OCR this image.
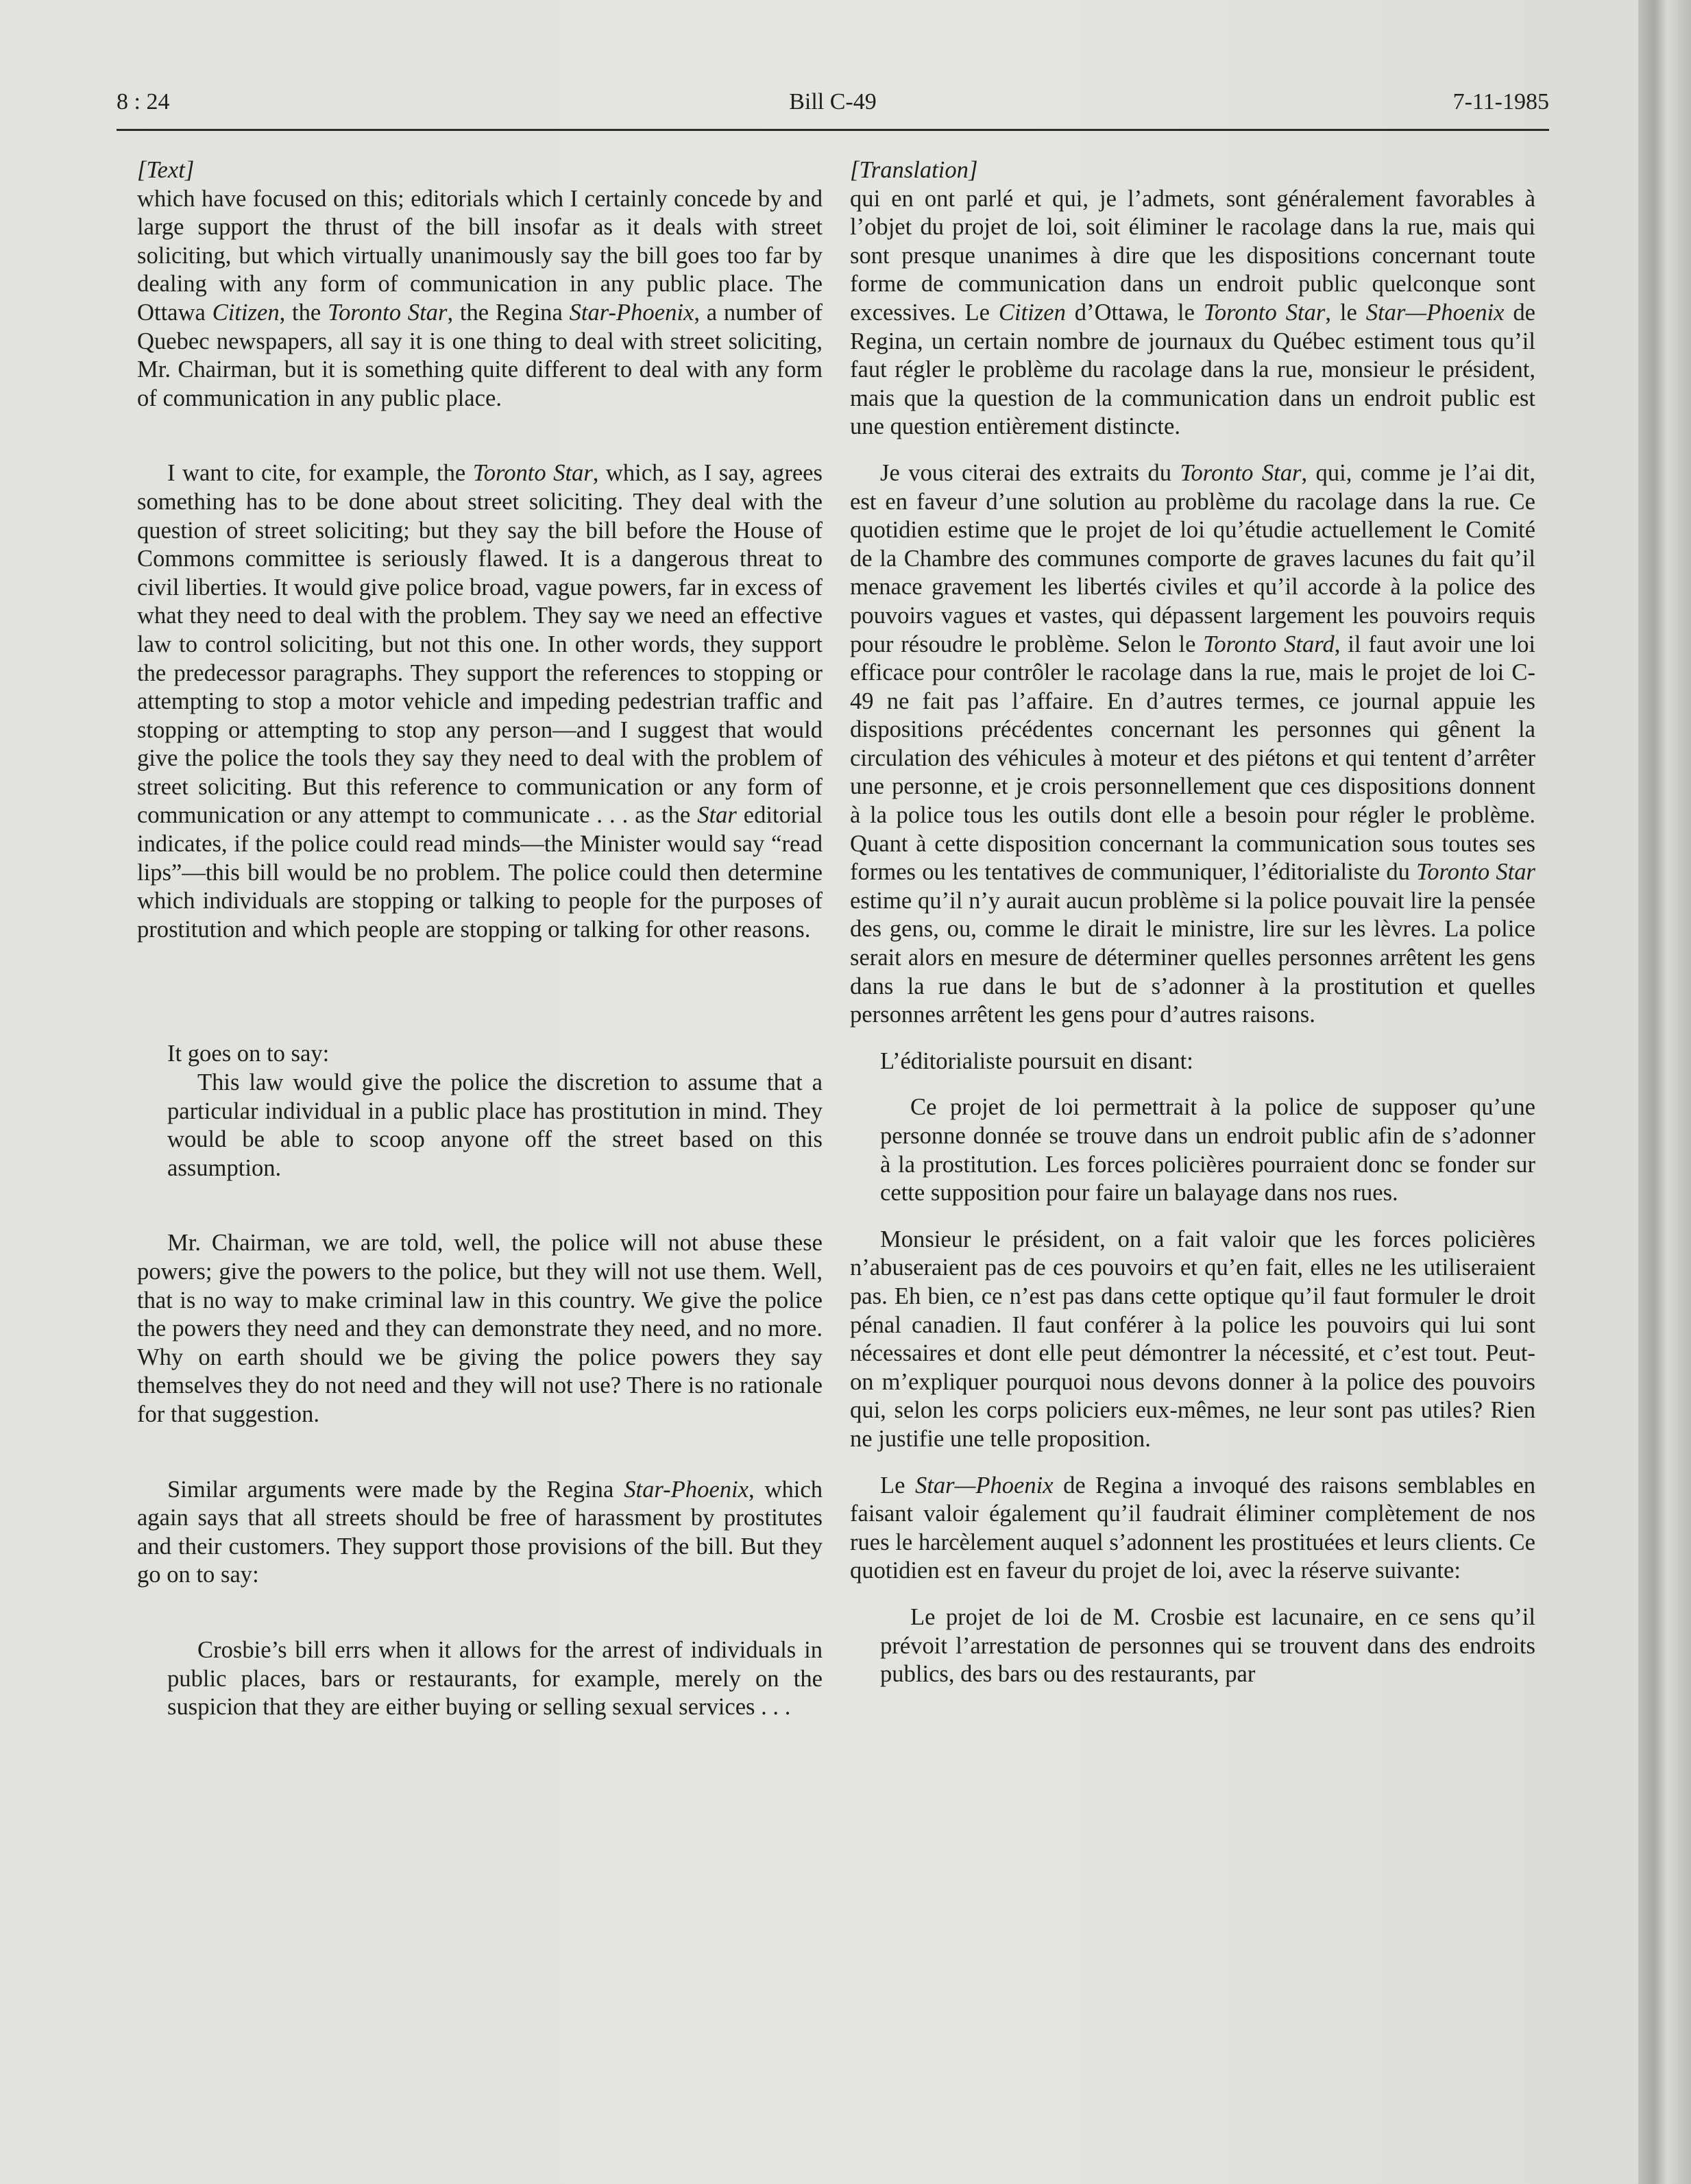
8 : 24	Bill C-49	7-11-1985

[Text]

which have focused on this; editorials which I certainly concede by and large support the thrust of the bill insofar as it deals with street soliciting, but which virtually unanimously say the bill goes too far by dealing with any form of communication in any public place. The Ottawa Citizen, the Toronto Star, the Regina Star-Phoenix, a number of Quebec newspapers, all say it is one thing to deal with street soliciting, Mr. Chairman, but it is something quite different to deal with any form of communication in any public place.

I want to cite, for example, the Toronto Star, which, as I say, agrees something has to be done about street soliciting. They deal with the question of street soliciting; but they say the bill before the House of Commons committee is seriously flawed. It is a dangerous threat to civil liberties. It would give police broad, vague powers, far in excess of what they need to deal with the problem. They say we need an effective law to control soliciting, but not this one. In other words, they support the predecessor paragraphs. They support the references to stopping or attempting to stop a motor vehicle and impeding pedestrian traffic and stopping or attempting to stop any person—and I suggest that would give the police the tools they say they need to deal with the problem of street soliciting. But this reference to communication or any form of communication or any attempt to communicate . . . as the Star editorial indicates, if the police could read minds—the Minister would say “read lips”—this bill would be no problem. The police could then determine which individuals are stopping or talking to people for the purposes of prostitution and which people are stopping or talking for other reasons.

It goes on to say:

This law would give the police the discretion to assume that a particular individual in a public place has prostitution in mind. They would be able to scoop anyone off the street based on this assumption.

Mr. Chairman, we are told, well, the police will not abuse these powers; give the powers to the police, but they will not use them. Well, that is no way to make criminal law in this country. We give the police the powers they need and they can demonstrate they need, and no more. Why on earth should we be giving the police powers they say themselves they do not need and they will not use? There is no rationale for that suggestion.

Similar arguments were made by the Regina Star-Phoenix, which again says that all streets should be free of harassment by prostitutes and their customers. They support those provisions of the bill. But they go on to say:

Crosbie’s bill errs when it allows for the arrest of individuals in public places, bars or restaurants, for example, merely on the suspicion that they are either buying or selling sexual services . . .

[Translation]

qui en ont parlé et qui, je l’admets, sont généralement favorables à l’objet du projet de loi, soit éliminer le racolage dans la rue, mais qui sont presque unanimes à dire que les dispositions concernant toute forme de communication dans un endroit public quelconque sont excessives. Le Citizen d’Ottawa, le Toronto Star, le Star—Phoenix de Regina, un certain nombre de journaux du Québec estiment tous qu’il faut régler le problème du racolage dans la rue, monsieur le président, mais que la question de la communication dans un endroit public est une question entièrement distincte.

Je vous citerai des extraits du Toronto Star, qui, comme je l’ai dit, est en faveur d’une solution au problème du racolage dans la rue. Ce quotidien estime que le projet de loi qu’étudie actuellement le Comité de la Chambre des communes comporte de graves lacunes du fait qu’il menace gravement les libertés civiles et qu’il accorde à la police des pouvoirs vagues et vastes, qui dépassent largement les pouvoirs requis pour résoudre le problème. Selon le Toronto Stard, il faut avoir une loi efficace pour contrôler le racolage dans la rue, mais le projet de loi C-49 ne fait pas l’affaire. En d’autres termes, ce journal appuie les dispositions précédentes concernant les personnes qui gênent la circulation des véhicules à moteur et des piétons et qui tentent d’arrêter une personne, et je crois personnellement que ces dispositions donnent à la police tous les outils dont elle a besoin pour régler le problème. Quant à cette disposition concernant la communication sous toutes ses formes ou les tentatives de communiquer, l’éditorialiste du Toronto Star estime qu’il n’y aurait aucun problème si la police pouvait lire la pensée des gens, ou, comme le dirait le ministre, lire sur les lèvres. La police serait alors en mesure de déterminer quelles personnes arrêtent les gens dans la rue dans le but de s’adonner à la prostitution et quelles personnes arrêtent les gens pour d’autres raisons.

L’éditorialiste poursuit en disant:

Ce projet de loi permettrait à la police de supposer qu’une personne donnée se trouve dans un endroit public afin de s’adonner à la prostitution. Les forces policières pourraient donc se fonder sur cette supposition pour faire un balayage dans nos rues.

Monsieur le président, on a fait valoir que les forces policières n’abuseraient pas de ces pouvoirs et qu’en fait, elles ne les utiliseraient pas. Eh bien, ce n’est pas dans cette optique qu’il faut formuler le droit pénal canadien. Il faut conférer à la police les pouvoirs qui lui sont nécessaires et dont elle peut démontrer la nécessité, et c’est tout. Peut-on m’expliquer pourquoi nous devons donner à la police des pouvoirs qui, selon les corps policiers eux-mêmes, ne leur sont pas utiles? Rien ne justifie une telle proposition.

Le Star—Phoenix de Regina a invoqué des raisons semblables en faisant valoir également qu’il faudrait éliminer complètement de nos rues le harcèlement auquel s’adonnent les prostituées et leurs clients. Ce quotidien est en faveur du projet de loi, avec la réserve suivante:

Le projet de loi de M. Crosbie est lacunaire, en ce sens qu’il prévoit l’arrestation de personnes qui se trouvent dans des endroits publics, des bars ou des restaurants, par
